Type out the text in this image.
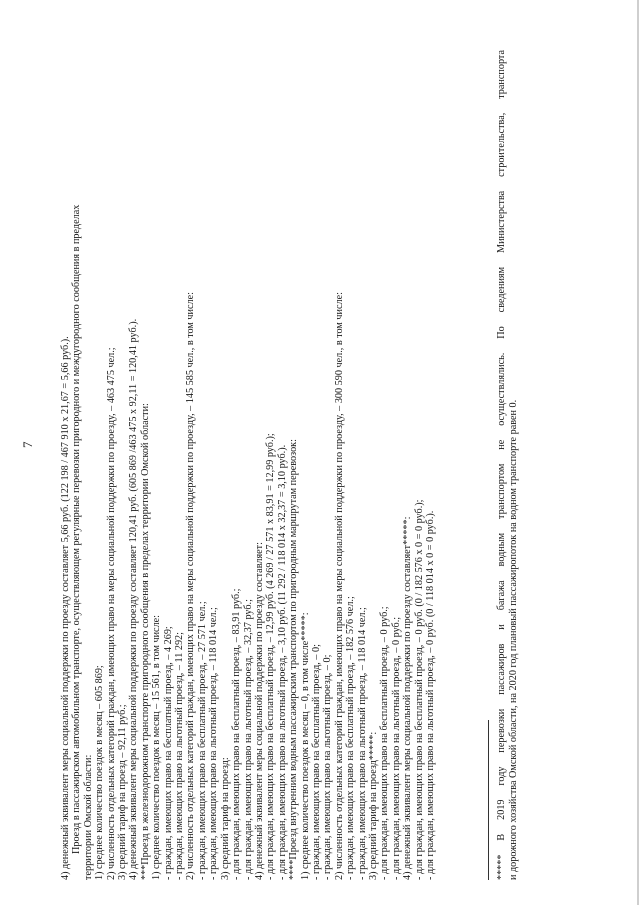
7 4) денежный эквивалент меры социальной поддержки по проезду составляет 5,66 руб. (122 198 / 467 910 x 21,67 = 5,66 руб.). Проезд в пассажирском автомобильном транспорте, осуществляющем регулярные перевозки пригородного и междугородного сообщения в пределах территории Омской области: 1) среднее количество поездок в месяц – 605 869; 2) численность отдельных категорий граждан, имеющих право на меры социальной поддержки по проезду, – 463 475 чел.; 3) средний тариф на проезд – 92,11 руб.; 4) денежный эквивалент меры социальной поддержки по проезду составляет 120,41 руб. (605 869 /463 475 x 92,11 = 120,41 руб.). ***Проезд в железнодорожном транспорте пригородного сообщения в пределах территории Омской области: 1) среднее количество поездок в месяц – 15 561, в том числе: - граждан, имеющих право на бесплатный проезд, – 4 269; - граждан, имеющих право на льготный проезд, – 11 292; 2) численность отдельных категорий граждан, имеющих право на меры социальной поддержки по проезду, – 145 585 чел., в том числе: - граждан, имеющих право на бесплатный проезд, – 27 571 чел.; - граждан, имеющих право на льготный проезд, – 118 014 чел.; 3) средний тариф на проезд: - для граждан, имеющих право на бесплатный проезд, – 83,91 руб.; - для граждан, имеющих право на льготный проезд, – 32,37 руб.; 4) денежный эквивалент меры социальной поддержки по проезду составляет: - для граждан, имеющих право на бесплатный проезд, – 12,99 руб. (4 269 / 27 571 x 83,91 = 12,99 руб.); - для граждан, имеющих право на льготный проезд, – 3,10 руб. (11 292 / 118 014 x 32,37 = 3,10 руб.). ****Проезд внутренним водным пассажирским транспортом по пригородным маршрутам перевозок: 1) среднее количество поездок в месяц – 0, в том числе*****: - граждан, имеющих право на бесплатный проезд, – 0; - граждан, имеющих право на льготный проезд, – 0; 2) численность отдельных категорий граждан, имеющих право на меры социальной поддержки по проезду, – 300 590 чел., в том числе: - граждан, имеющих право на бесплатный проезд, – 182 576 чел.; - граждан, имеющих право на льготный проезд, – 118 014 чел.; 3) средний тариф на проезд*****: - для граждан, имеющих право на бесплатный проезд, – 0 руб.; - для граждан, имеющих право на льготный проезд, – 0 руб.; 4) денежный эквивалент меры социальной поддержки по проезду составляет*****: - для граждан, имеющих право на бесплатный проезд, – 0 руб. (0 / 182 576 x 0 = 0 руб.); - для граждан, имеющих право на льготный проезд, – 0 руб. (0 / 118 014 x 0 = 0 руб.).	***** В 2019 году перевозки пассажиров и багажа водным транспортом не осуществлялись. По сведениям Министерства строительства, транспорта и дорожного хозяйства Омской области, на 2020 год плановый пассажиропоток на водном транспорте равен 0.
